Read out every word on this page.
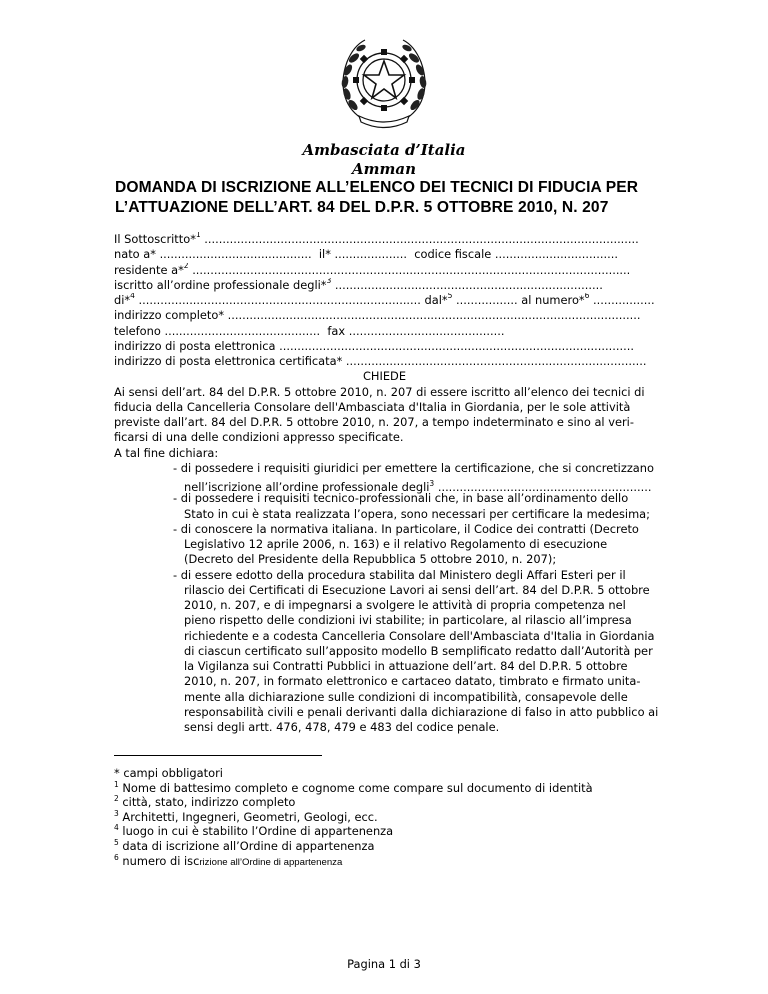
Ambasciata d’Italia
Amman
DOMANDA DI ISCRIZIONE ALL’ELENCO DEI TECNICI DI FIDUCIA PER
L’ATTUAZIONE DELL’ART. 84 DEL D.P.R. 5 OTTOBRE 2010, N. 207
Il Sottoscritto*$^1$ ........................................................................................................................
nato a* .......................................... il* .................... codice fiscale ..................................
residente a*$^2$ .........................................................................................................................
iscritto all’ordine professionale degli*$^3$ ..........................................................................
di*$^4$ .............................................................................. dal*$^5$ ................. al numero*$^6$ .................
indirizzo completo* ..................................................................................................................
telefono ........................................... fax ...........................................
indirizzo di posta elettronica ..................................................................................................
indirizzo di posta elettronica certificata* ...................................................................................
CHIEDE
Ai sensi dell’art. 84 del D.P.R. 5 ottobre 2010, n. 207 di essere iscritto all’elenco dei tecnici di
fiducia della Cancelleria Consolare dell'Ambasciata d'Italia in Giordania, per le sole attività
previste dall’art. 84 del D.P.R. 5 ottobre 2010, n. 207, a tempo indeterminato e sino al veri-
ficarsi di una delle condizioni appresso specificate.
A tal fine dichiara:
- di possedere i requisiti giuridici per emettere la certificazione, che si concretizzano
nell’iscrizione all’ordine professionale degli$^3$ ...........................................................
- di possedere i requisiti tecnico-professionali che, in base all’ordinamento dello
Stato in cui è stata realizzata l’opera, sono necessari per certificare la medesima;
- di conoscere la normativa italiana. In particolare, il Codice dei contratti (Decreto
Legislativo 12 aprile 2006, n. 163) e il relativo Regolamento di esecuzione
(Decreto del Presidente della Repubblica 5 ottobre 2010, n. 207);
- di essere edotto della procedura stabilita dal Ministero degli Affari Esteri per il
rilascio dei Certificati di Esecuzione Lavori ai sensi dell’art. 84 del D.P.R. 5 ottobre
2010, n. 207, e di impegnarsi a svolgere le attività di propria competenza nel
pieno rispetto delle condizioni ivi stabilite; in particolare, al rilascio all’impresa
richiedente e a codesta Cancelleria Consolare dell'Ambasciata d'Italia in Giordania
di ciascun certificato sull’apposito modello B semplificato redatto dall’Autorità per
la Vigilanza sui Contratti Pubblici in attuazione dell’art. 84 del D.P.R. 5 ottobre
2010, n. 207, in formato elettronico e cartaceo datato, timbrato e firmato unita-
mente alla dichiarazione sulle condizioni di incompatibilità, consapevole delle
responsabilità civili e penali derivanti dalla dichiarazione di falso in atto pubblico ai
sensi degli artt. 476, 478, 479 e 483 del codice penale.
* campi obbligatori
$^1$ Nome di battesimo completo e cognome come compare sul documento di identità
$^2$ città, stato, indirizzo completo
$^3$ Architetti, Ingegneri, Geometri, Geologi, ecc.
$^4$ luogo in cui è stabilito l’Ordine di appartenenza
$^5$ data di iscrizione all’Ordine di appartenenza
$^6$ numero di iscrizione all’Ordine di appartenenza
Pagina 1 di 3
